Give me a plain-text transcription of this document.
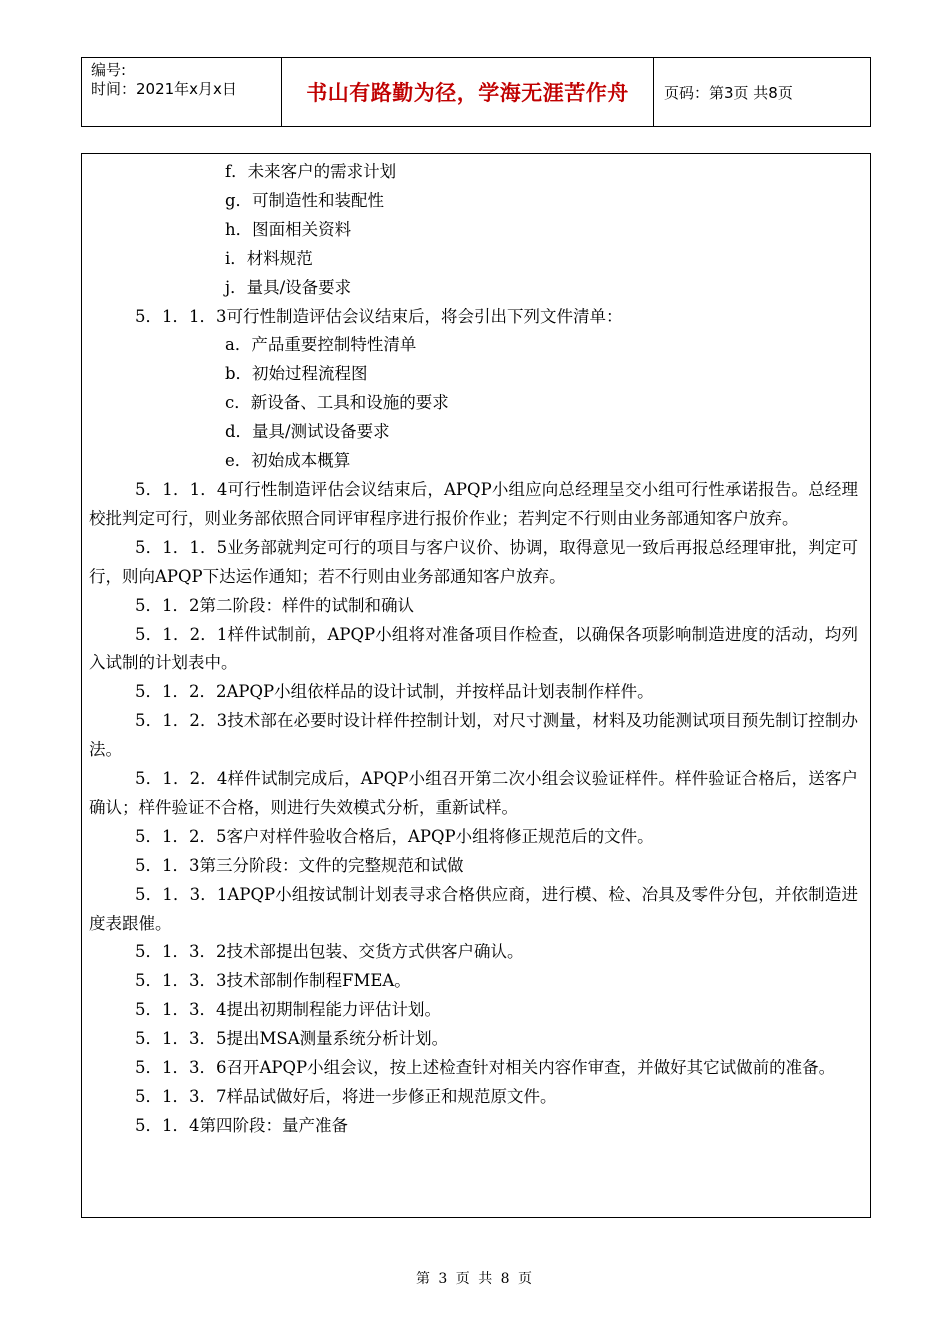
编号:
时间：2021年x月x日	书山有路勤为径，学海无涯苦作舟 页码：第3页 共8页
f．未来客户的需求计划
g．可制造性和装配性
h．图面相关资料
i．材料规范
j．量具/设备要求
5．1．1．3可行性制造评估会议结束后，将会引出下列文件清单：
a．产品重要控制特性清单
b．初始过程流程图
c．新设备、工具和设施的要求
d．量具/测试设备要求
e．初始成本概算
5．1．1．4可行性制造评估会议结束后，APQP小组应向总经理呈交小组可行性承诺报告。总经理校批判定可行，则业务部依照合同评审程序进行报价作业；若判定不行则由业务部通知客户放弃。
5．1．1．5业务部就判定可行的项目与客户议价、协调，取得意见一致后再报总经理审批，判定可行，则向APQP下达运作通知；若不行则由业务部通知客户放弃。
5．1．2第二阶段：样件的试制和确认
5．1．2．1样件试制前，APQP小组将对准备项目作检查，以确保各项影响制造进度的活动，均列入试制的计划表中。
5．1．2．2APQP小组依样品的设计试制，并按样品计划表制作样件。
5．1．2．3技术部在必要时设计样件控制计划，对尺寸测量，材料及功能测试项目预先制订控制办法。
5．1．2．4样件试制完成后，APQP小组召开第二次小组会议验证样件。样件验证合格后，送客户确认；样件验证不合格，则进行失效模式分析，重新试样。
5．1．2．5客户对样件验收合格后，APQP小组将修正规范后的文件。
5．1．3第三分阶段：文件的完整规范和试做
5．1．3．1APQP小组按试制计划表寻求合格供应商，进行模、检、冶具及零件分包，并依制造进度表跟催。
5．1．3．2技术部提出包装、交货方式供客户确认。
5．1．3．3技术部制作制程FMEA。
5．1．3．4提出初期制程能力评估计划。
5．1．3．5提出MSA测量系统分析计划。
5．1．3．6召开APQP小组会议，按上述检查针对相关内容作审查，并做好其它试做前的准备。
5．1．3．7样品试做好后，将进一步修正和规范原文件。
5．1．4第四阶段：量产准备
第 3 页 共 8 页
